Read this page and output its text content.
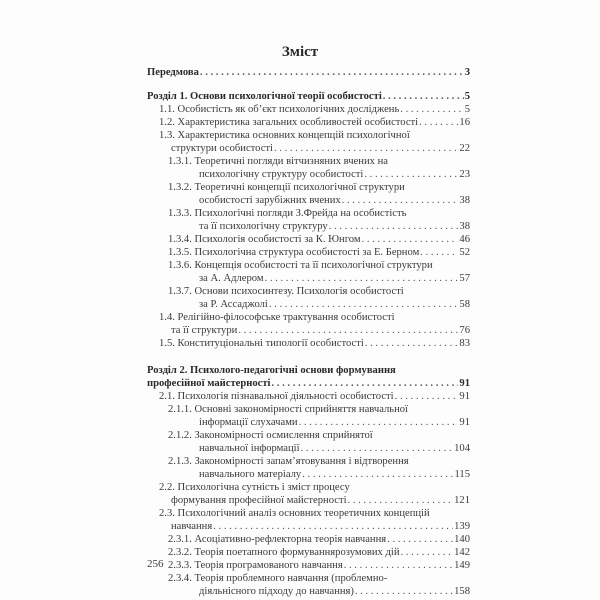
Зміст
Передмова . . .	3
Розділ 1. Основи психологічної теорії особистості . . .	5
1.1. Особистість як об’єкт психологічних досліджень . . .	5
1.2. Характеристика загальних особливостей особистості . . .	16
1.3. Характеристика основних концепцій психологічної
структури особистості . . .	22
1.3.1. Теоретичні погляди вітчизняних вчених на
психологічну структуру особистості . . .	23
1.3.2. Теоретичні концепції психологічної структури
особистості зарубіжних вчених . . .	38
1.3.3. Психологічні погляди З.Фрейда на особистість
та її психологічну структуру . . .	38
1.3.4. Психологія особистості за К. Юнгом . . .	46
1.3.5. Психологічна структура особистості за Е. Берном . . .	52
1.3.6. Концепція особистості та її психологічної структури
за А. Адлером . . .	57
1.3.7. Основи психосинтезу. Психологія особистості
за Р. Ассаджолі . . .	58
1.4. Релігійно-філософське трактування особистості
та її структури . . .	76
1.5. Конституціональні типології особистості . . .	83
Розділ 2. Психолого-педагогічні основи формування
професійної майстерності . . .	91
2.1. Психологія пізнавальної діяльності особистості . . .	91
2.1.1. Основні закономірності сприйняття навчальної
інформації слухачами . . .	91
2.1.2. Закономірності осмислення сприйнятої
навчальної інформації . . .	104
2.1.3. Закономірності запам’ятовування і відтворення
навчального матеріалу . . .	115
2.2. Психологічна сутність і зміст процесу
формування професійної майстерності . . .	121
2.3. Психологічний аналіз основних теоретичних концепцій
навчання . . .	139
2.3.1. Асоціативно-рефлекторна теорія навчання . . .	140
2.3.2. Теорія поетапного формуваннярозумових дій . . .	142
2.3.3. Теорія програмованого навчання . . .	149
2.3.4. Теорія проблемного навчання (проблемно-
діяльнісного підходу до навчання) . . .	158
256
